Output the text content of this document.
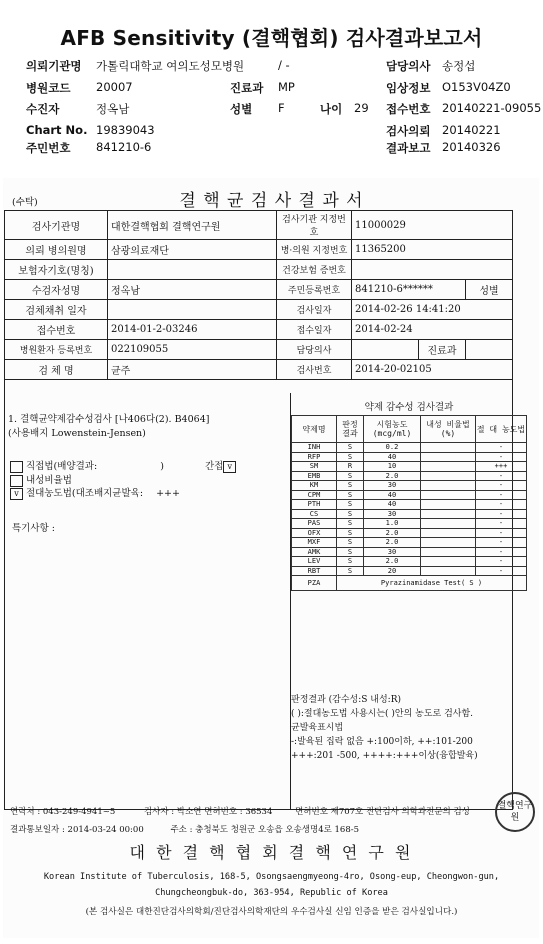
AFB Sensitivity (결핵협회) 검사결과보고서
의뢰기관명 가톨릭대학교 여의도성모병원	/ -	담당의사 송정섭
병원코드 20007	진료과 MP	임상정보 O153V04Z0
수진자	정옥남	성별 F	나이 29 접수번호 20140221-09055
Chart No. 19839043	검사의뢰 20140221
주민번호 841210-6	결과보고 20140326
(수탁)	결 핵 균 검 사 결 과 서
검사기관명	대한결핵협회 결핵연구원	검사기관 지정번호	11000029		
의뢰 병의원명	삼광의료재단	병·의원 지정번호	11365200		
보험자기호(명칭)		건강보험 증번호			
수검자성명	정옥남	주민등록번호	841210-6******		성별
검체채취 일자		검사일자	2014-02-26 14:41:20		
접수번호	2014-01-2-03246	접수일자	2014-02-24		
병원환자 등록번호	022109055	담당의사		진료과	
검 체 명	균주	검사번호	2014-20-02105		
1. 결핵균약제감수성검사 [나406다(2). B4064]
(사용배지 Lowenstein-Jensen)
직접법(배양결과:	)	간접 v
내성비율법
v 절대농도법(대조배지균발육: +++
특기사항 :
약제 감수성 검사결과
약제명	판정 결과	시험농도 (mcg/ml)	내성 비율법(%)	절 대 농도법
INH	S	0.2		-
RFP	S	40		-
SM	R	10		+++
EMB	S	2.0		-
KM	S	30		-
CPM	S	40		-
PTH	S	40		-
CS	S	30		-
PAS	S	1.0		-
OFX	S	2.0		-
MXF	S	2.0		-
AMK	S	30		-
LEV	S	2.0		-
RBT	S	20		-
PZA	Pyrazinamidase Test( S )			
판정결과 (감수성:S 내성:R)
( ):절대농도법 사용시는( )안의 농도로 검사함.
균발육표시법
-:발육된 집락 없음 +:100이하, ++:101-200
+++:201 -500, ++++:+++이상(융합발육)
연락처 : 043-249-4941~5	검사자 : 박소연 면허번호 : 36534	면허번호 제707호 진단검사 의학과전문의 김성
결과통보일자 : 2014-03-24 00:00	주소 : 충청북도 청원군 오송읍 오송생명4로 168-5
대 한 결 핵 협 회 결 핵 연 구 원
Korean Institute of Tuberculosis, 168-5, Osongsaengmyeong-4ro, Osong-eup, Cheongwon-gun,
Chungcheongbuk-do, 363-954, Republic of Korea
(본 검사실은 대한진단검사의학회/진단검사의학재단의 우수검사실 신임 인증을 받은 검사실입니다.)
결핵연구원
